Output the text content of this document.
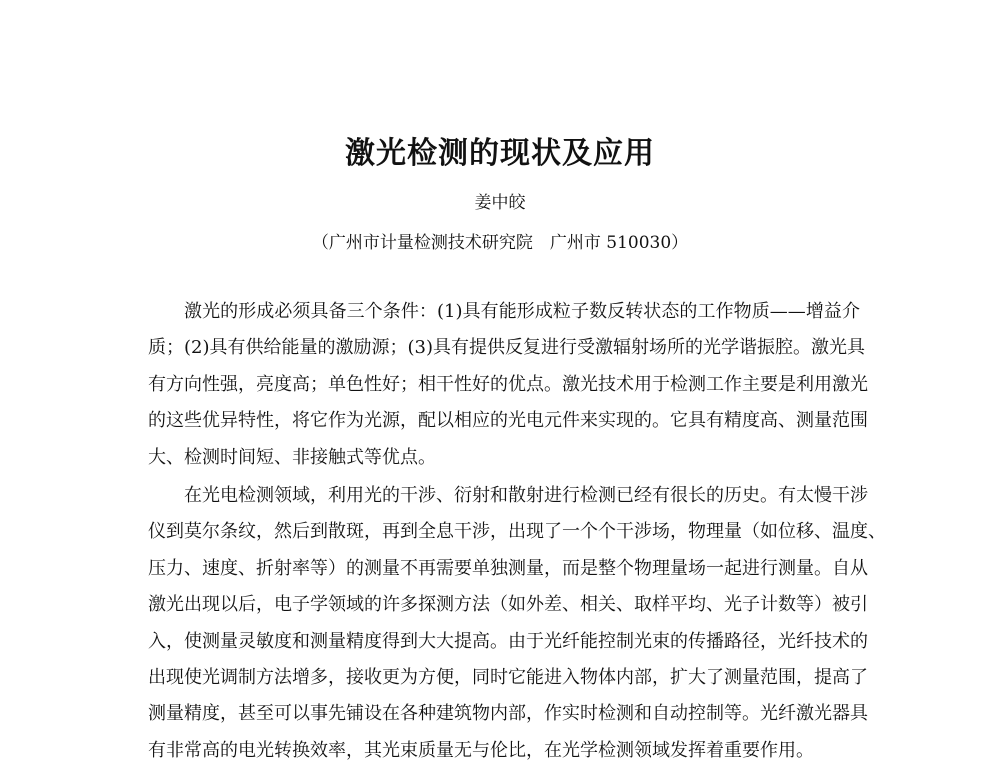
激光检测的现状及应用
姜中皎
（广州市计量检测技术研究院　广州市 510030）
激光的形成必须具备三个条件：(1)具有能形成粒子数反转状态的工作物质——增益介
质；(2)具有供给能量的激励源；(3)具有提供反复进行受激辐射场所的光学谐振腔。激光具
有方向性强，亮度高；单色性好；相干性好的优点。激光技术用于检测工作主要是利用激光
的这些优异特性，将它作为光源，配以相应的光电元件来实现的。它具有精度高、测量范围
大、检测时间短、非接触式等优点。
在光电检测领域，利用光的干涉、衍射和散射进行检测已经有很长的历史。有太慢干涉
仪到莫尔条纹，然后到散斑，再到全息干涉，出现了一个个干涉场，物理量（如位移、温度、
压力、速度、折射率等）的测量不再需要单独测量，而是整个物理量场一起进行测量。自从
激光出现以后，电子学领域的许多探测方法（如外差、相关、取样平均、光子计数等）被引
入，使测量灵敏度和测量精度得到大大提高。由于光纤能控制光束的传播路径，光纤技术的
出现使光调制方法增多，接收更为方便，同时它能进入物体内部，扩大了测量范围，提高了
测量精度，甚至可以事先铺设在各种建筑物内部，作实时检测和自动控制等。光纤激光器具
有非常高的电光转换效率，其光束质量无与伦比，在光学检测领域发挥着重要作用。
